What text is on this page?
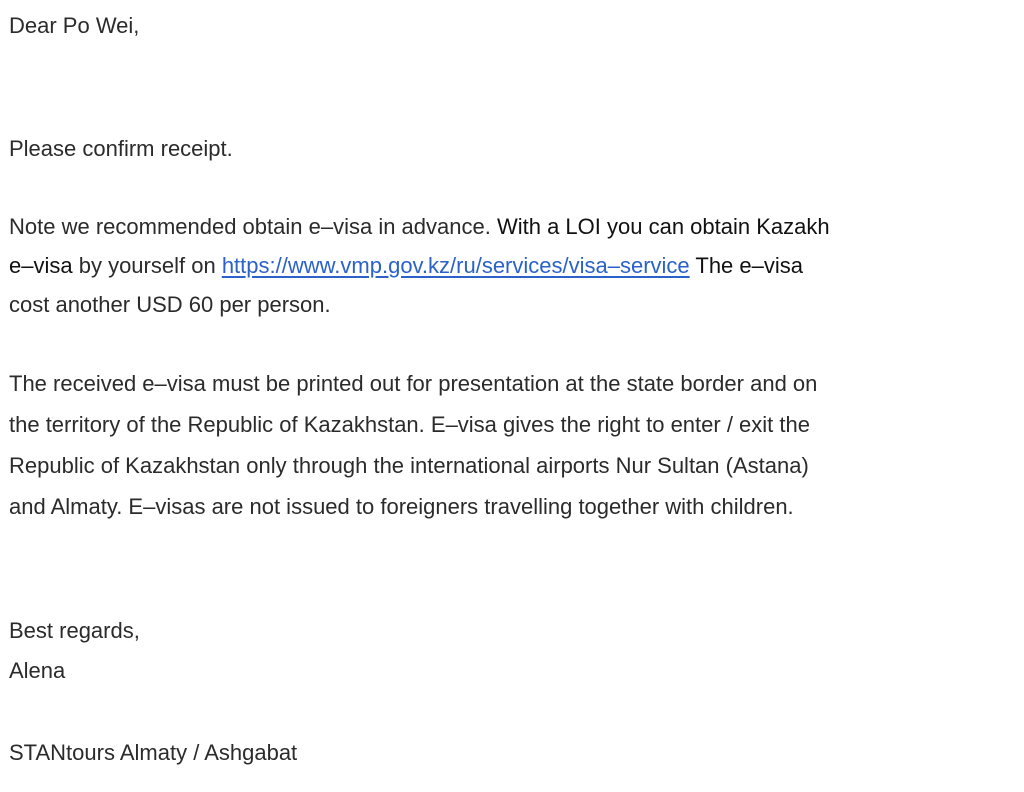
Dear Po Wei,
Please confirm receipt.
Note we recommended obtain e–visa in advance. With a LOI you can obtain Kazakh
e–visa by yourself on https://www.vmp.gov.kz/ru/services/visa–service The e–visa
cost another USD 60 per person.
The received e–visa must be printed out for presentation at the state border and on
the territory of the Republic of Kazakhstan. E–visa gives the right to enter / exit the
Republic of Kazakhstan only through the international airports Nur Sultan (Astana)
and Almaty. E–visas are not issued to foreigners travelling together with children.
Best regards,
Alena
STANtours Almaty / Ashgabat
